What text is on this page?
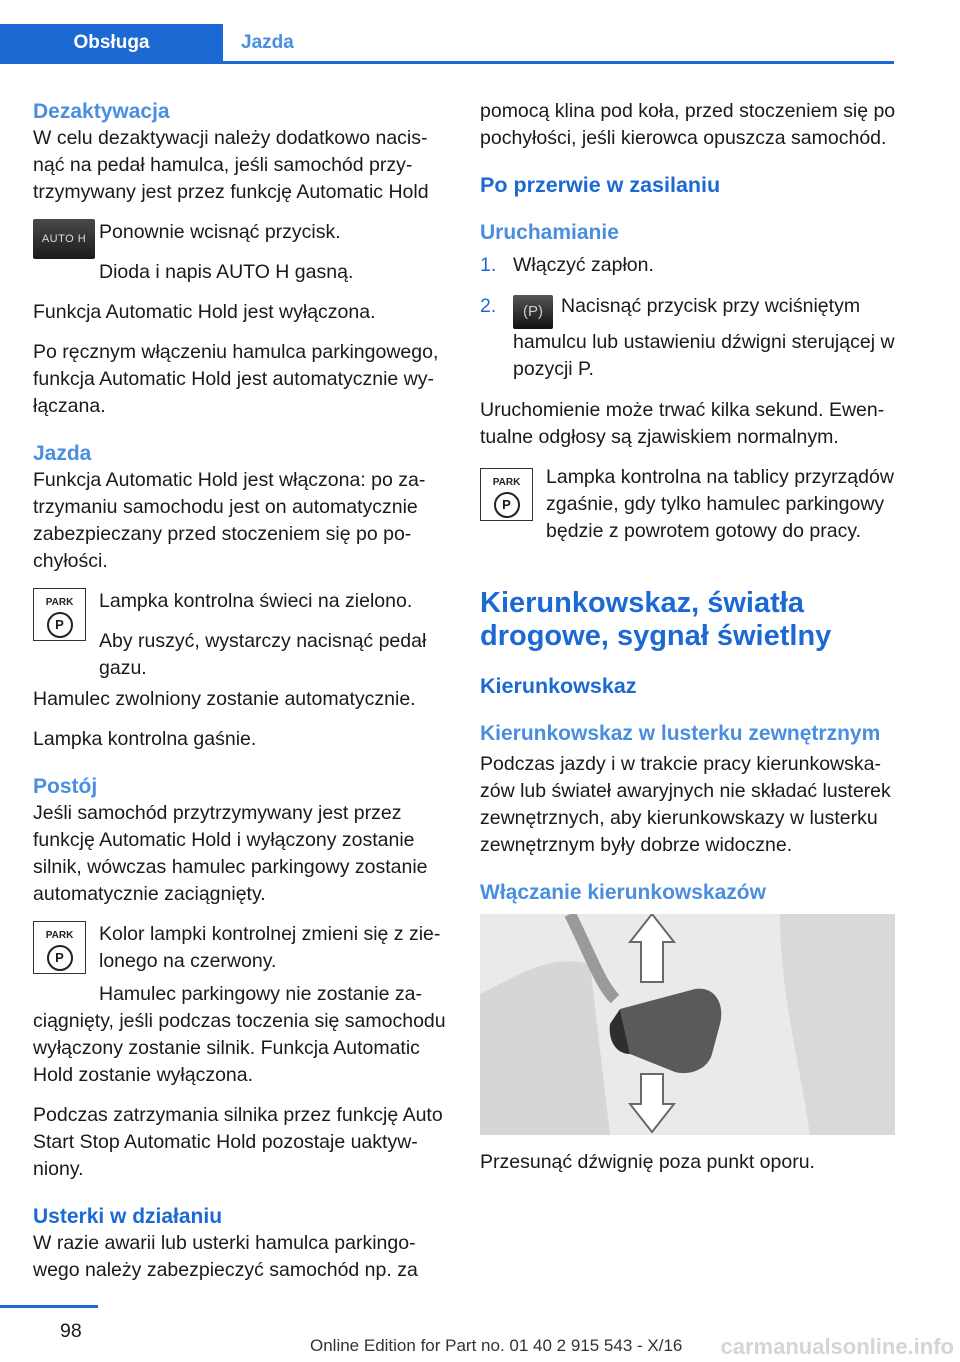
Obsługa	Jazda
Dezaktywacja

W celu dezaktywacji należy dodatkowo nacisnąć na pedał hamulca, jeśli samochód przytrzymywany jest przez funkcję Automatic Hold

AUTO H Ponownie wcisnąć przycisk.

Dioda i napis AUTO H gasną.

Funkcja Automatic Hold jest wyłączona.

Po ręcznym włączeniu hamulca parkingowego, funkcja Automatic Hold jest automatycznie wyłączana.

Jazda

Funkcja Automatic Hold jest włączona: po zatrzymaniu samochodu jest on automatycznie zabezpieczany przed stoczeniem się po pochyłości.

PARK
P

Lampka kontrolna świeci na zielono.

Aby ruszyć, wystarczy nacisnąć pedał gazu.

Hamulec zwolniony zostanie automatycznie.

Lampka kontrolna gaśnie.

Postój

Jeśli samochód przytrzymywany jest przez funkcję Automatic Hold i wyłączony zostanie silnik, wówczas hamulec parkingowy zostanie automatycznie zaciągnięty.

PARK
P

Kolor lampki kontrolnej zmieni się z zielonego na czerwony.

Hamulec parkingowy nie zostanie zaciągnięty, jeśli podczas toczenia się samochodu wyłączony zostanie silnik. Funkcja Automatic Hold zostanie wyłączona.

Podczas zatrzymania silnika przez funkcję Auto Start Stop Automatic Hold pozostaje uaktywniony.

Usterki w działaniu

W razie awarii lub usterki hamulca parkingowego należy zabezpieczyć samochód np. za

pomocą klina pod koła, przed stoczeniem się po pochyłości, jeśli kierowca opuszcza samochód.

Po przerwie w zasilaniu
Uruchamianie
1. Włączyć zapłon.
2. (P) Nacisnąć przycisk przy wciśniętym hamulcu lub ustawieniu dźwigni sterującej w pozycji P.

Uruchomienie może trwać kilka sekund. Ewentualne odgłosy są zjawiskiem normalnym.

PARK
P

Lampka kontrolna na tablicy przyrządów zgaśnie, gdy tylko hamulec parkingowy będzie z powrotem gotowy do pracy.

Kierunkowskaz, światła drogowe, sygnał świetlny
Kierunkowskaz
Kierunkowskaz w lusterku zewnętrznym

Podczas jazdy i w trakcie pracy kierunkowskazów lub świateł awaryjnych nie składać lusterek zewnętrznych, aby kierunkowskazy w lusterku zewnętrznym były dobrze widoczne.

Włączanie kierunkowskazów

Przesunąć dźwignię poza punkt oporu.

98
Online Edition for Part no. 01 40 2 915 543 - X/16 carmanualsonline.info
